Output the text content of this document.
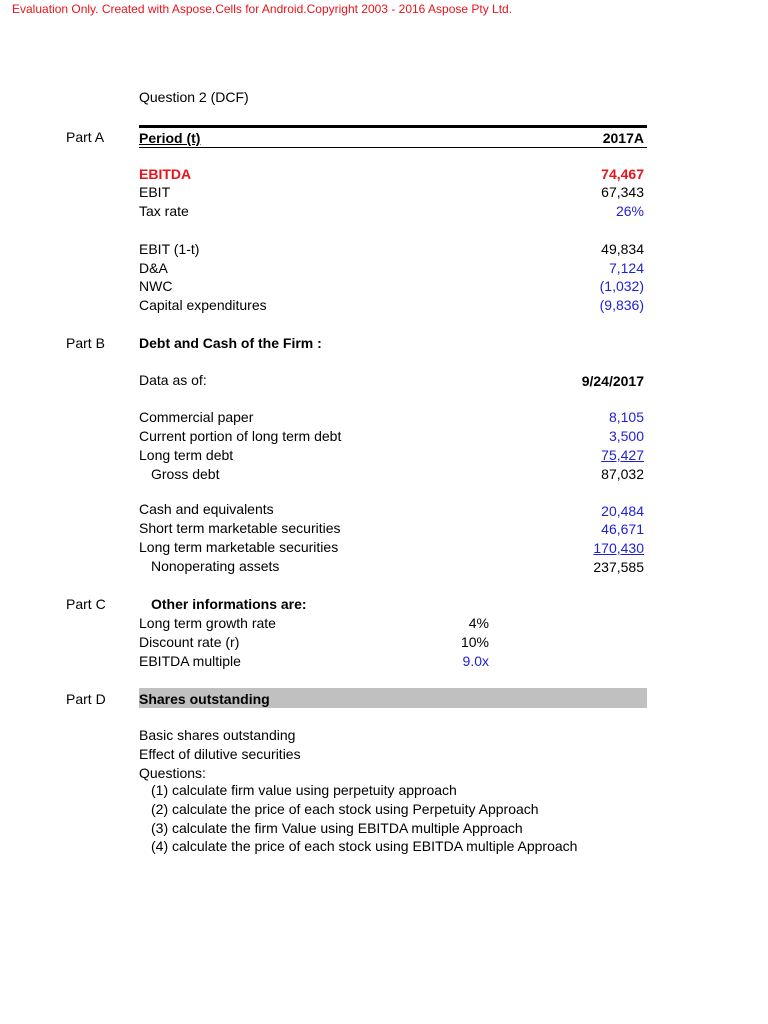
Evaluation Only. Created with Aspose.Cells for Android.Copyright 2003 - 2016 Aspose Pty Ltd.
Question 2 (DCF)
Part A Period (t)	2017A
EBITDA	74,467
EBIT	67,343
Tax rate	26%
EBIT (1-t)	49,834
D&A	7,124
NWC	(1,032)
Capital expenditures	(9,836)
Part B Debt and Cash of the Firm :
Data as of:	9/24/2017
Commercial paper	8,105
Current portion of long term debt	3,500
Long term debt	75,427
Gross debt	87,032
Cash and equivalents	20,484
Short term marketable securities	46,671
Long term marketable securities	170,430
Nonoperating assets	237,585
Part C	Other informations are:
Long term growth rate	4%
Discount rate (r)	10%
EBITDA multiple	9.0x
Part D Shares outstanding
Basic shares outstanding
Effect of dilutive securities
Questions:
(1) calculate firm value using perpetuity approach
(2) calculate the price of each stock using Perpetuity Approach
(3) calculate the firm Value using EBITDA multiple Approach
(4) calculate the price of each stock using EBITDA multiple Approach
